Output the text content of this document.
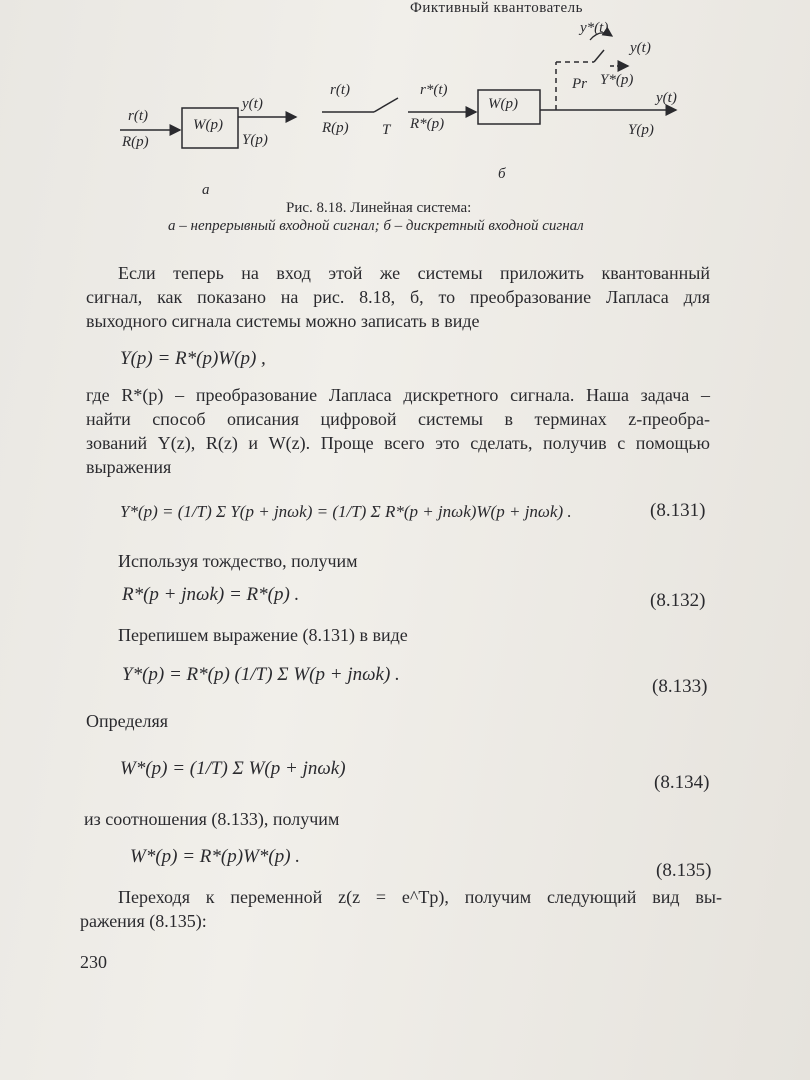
Фиктивный квантователь
r(t)
R(p)
W(p)
y(t)
Y(p)
а
r(t)
R(p) T
r*(t)
R*(p)
W(p)
y*(t)
Pr Y*(p)
y(t)
y(t)
Y(p)
б
Рис. 8.18. Линейная система:
а – непрерывный входной сигнал; б – дискретный входной сигнал
Если теперь на вход этой же системы приложить квантованный
сигнал, как показано на рис. 8.18, б, то преобразование Лапласа для
выходного сигнала системы можно записать в виде
Y(p) = R*(p)W(p) ,
где R*(p) – преобразование Лапласа дискретного сигнала. Наша задача –
найти способ описания цифровой системы в терминах z-преобра-
зований Y(z), R(z) и W(z). Проще всего это сделать, получив с помощью
выражения
Y*(p) = (1/T) Σ Y(p + jnωk) = (1/T) Σ R*(p + jnωk)W(p + jnωk) .	(8.131)
Используя тождество, получим
R*(p + jnωk) = R*(p) .	(8.132)
Перепишем выражение (8.131) в виде
Y*(p) = R*(p) (1/T) Σ W(p + jnωk) .
(8.133)
Определяя
W*(p) = (1/T) Σ W(p + jnωk)
(8.134)
из соотношения (8.133), получим
W*(p) = R*(p)W*(p) .
(8.135)
Переходя к переменной z(z = e^Tp), получим следующий вид вы-
ражения (8.135):
230
